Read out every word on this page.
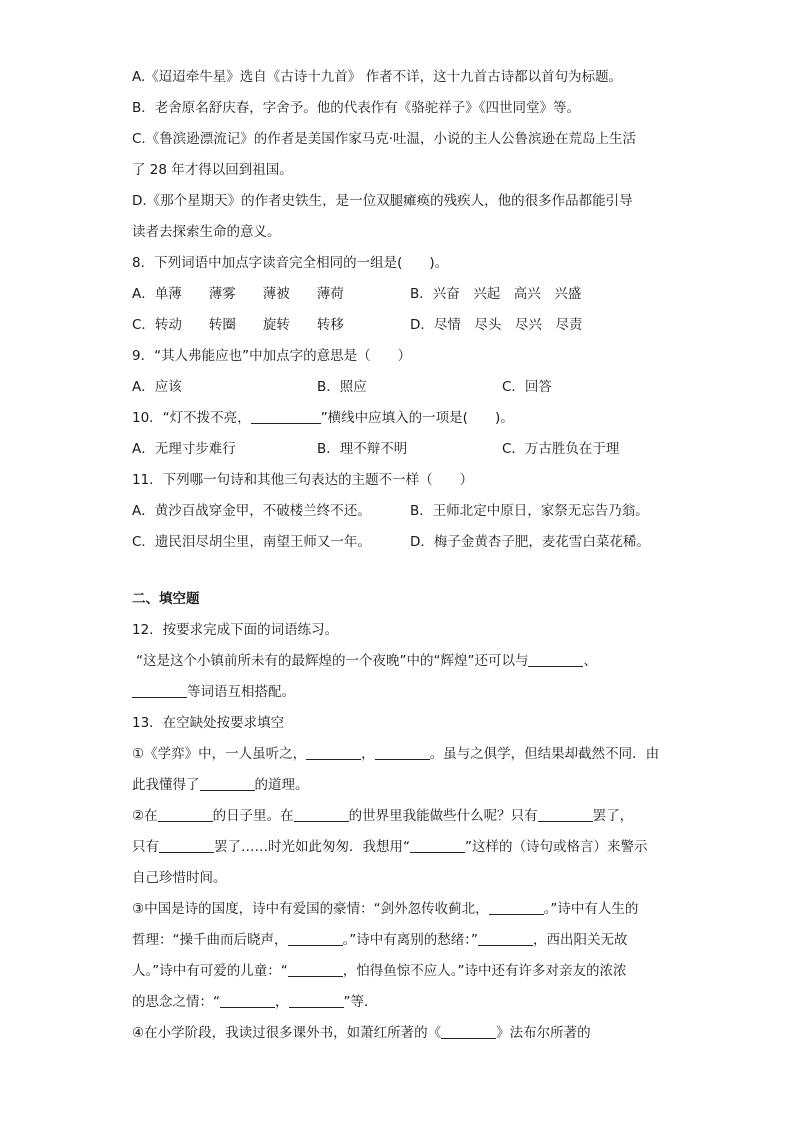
A.《迢迢牵牛星》选自《古诗十九首》 作者不详，这十九首古诗都以首句为标题。
B．老舍原名舒庆春，字舍予。他的代表作有《骆驼祥子》《四世同堂》等。
C.《鲁滨逊漂流记》的作者是美国作家马克·吐温，小说的主人公鲁滨逊在荒岛上生活
了 28 年才得以回到祖国。
D.《那个星期天》的作者史铁生，是一位双腿瘫痪的残疾人，他的很多作品都能引导
读者去探索生命的意义。
8．下列词语中加点字读音完全相同的一组是(　　)。
A．单薄　　薄雾　　薄被　　薄荷	B．兴奋　兴起　高兴　兴盛
C．转动　　转圈　　旋转　　转移	D．尽情　尽头　尽兴　尽责
9．“其人弗能应也”中加点字的意思是（　　）
A．应该	B．照应	C．回答
10．“灯不拨不亮，	”横线中应填入的一项是(　　)。
A．无理寸步难行	B．理不辩不明	C．万古胜负在于理
11．下列哪一句诗和其他三句表达的主题不一样（　　）
A．黄沙百战穿金甲，不破楼兰终不还。	B．王师北定中原日，家祭无忘告乃翁。
C．遗民泪尽胡尘里，南望王师又一年。	D．梅子金黄杏子肥，麦花雪白菜花稀。
二、填空题
12．按要求完成下面的词语练习。
“这是这个小镇前所未有的最辉煌的一个夜晚”中的“辉煌”还可以与	、
等词语互相搭配。
13．在空缺处按要求填空
①《学弈》中，一人虽听之，	，	。虽与之俱学，但结果却截然不同．由
此我懂得了	的道理。
②在	的日子里。在	的世界里我能做些什么呢？只有	罢了，
只有	罢了……时光如此匆匆．我想用“	”这样的（诗句或格言）来警示
自己珍惜时间。
③中国是诗的国度，诗中有爱国的豪情：“剑外忽传收蓟北，	。”诗中有人生的
哲理：“操千曲而后晓声，	。”诗中有离别的愁绪：”	，西出阳关无故
人。”诗中有可爱的儿童：“	，怕得鱼惊不应人。”诗中还有许多对亲友的浓浓
的思念之情：“	，	”等．
④在小学阶段，我读过很多课外书，如萧红所著的《	》法布尔所著的
